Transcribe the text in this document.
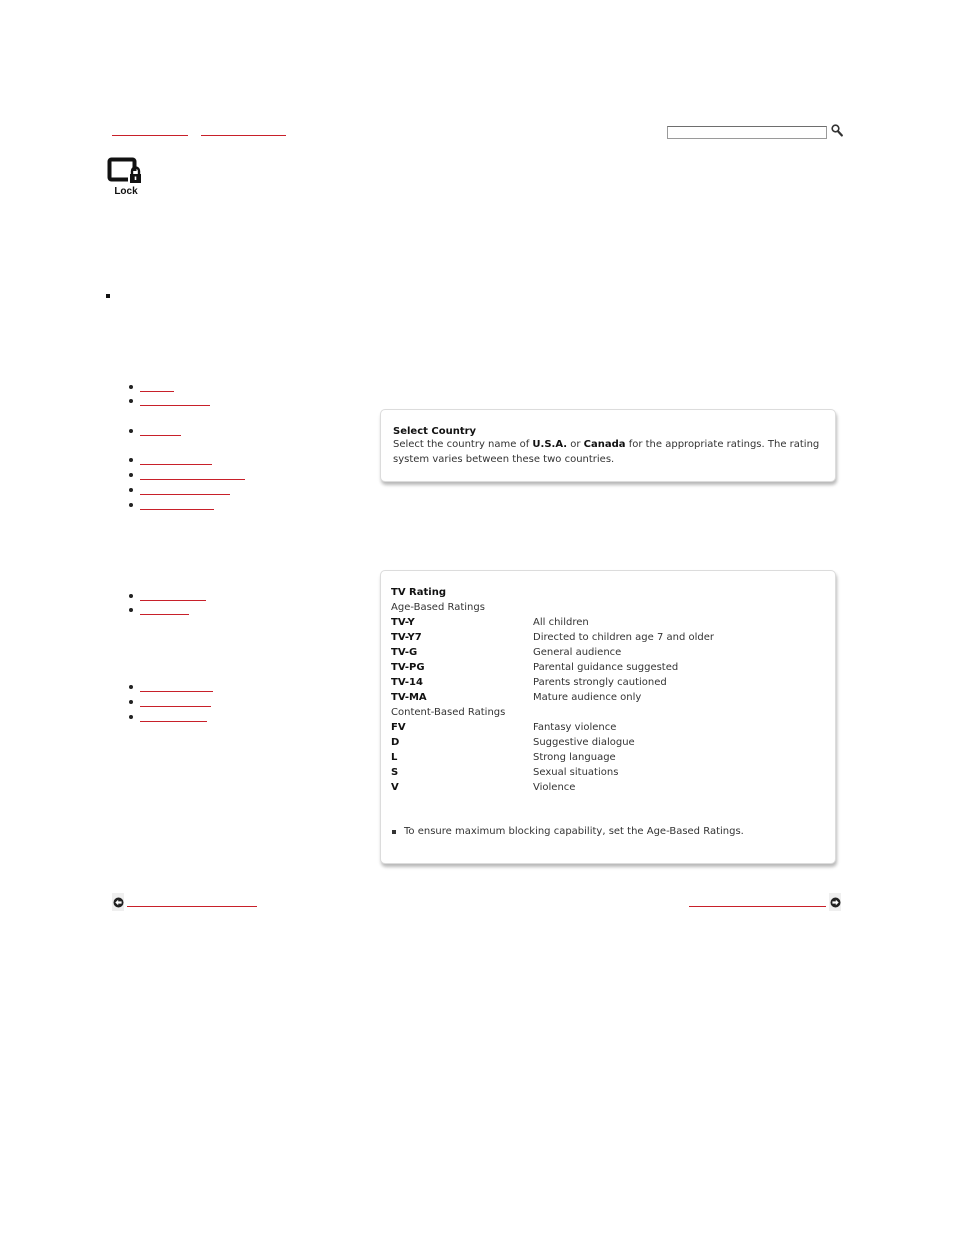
Lock
Select Country
Select the country name of U.S.A. or Canada for the appropriate ratings. The rating system varies between these two countries.
TV Rating
Age-Based Ratings
TV-Y	All children
TV-Y7	Directed to children age 7 and older
TV-G	General audience
TV-PG	Parental guidance suggested
TV-14	Parents strongly cautioned
TV-MA	Mature audience only
Content-Based Ratings
FV	Fantasy violence
D	Suggestive dialogue
L	Strong language
S	Sexual situations
V	Violence
To ensure maximum blocking capability, set the Age-Based Ratings.
